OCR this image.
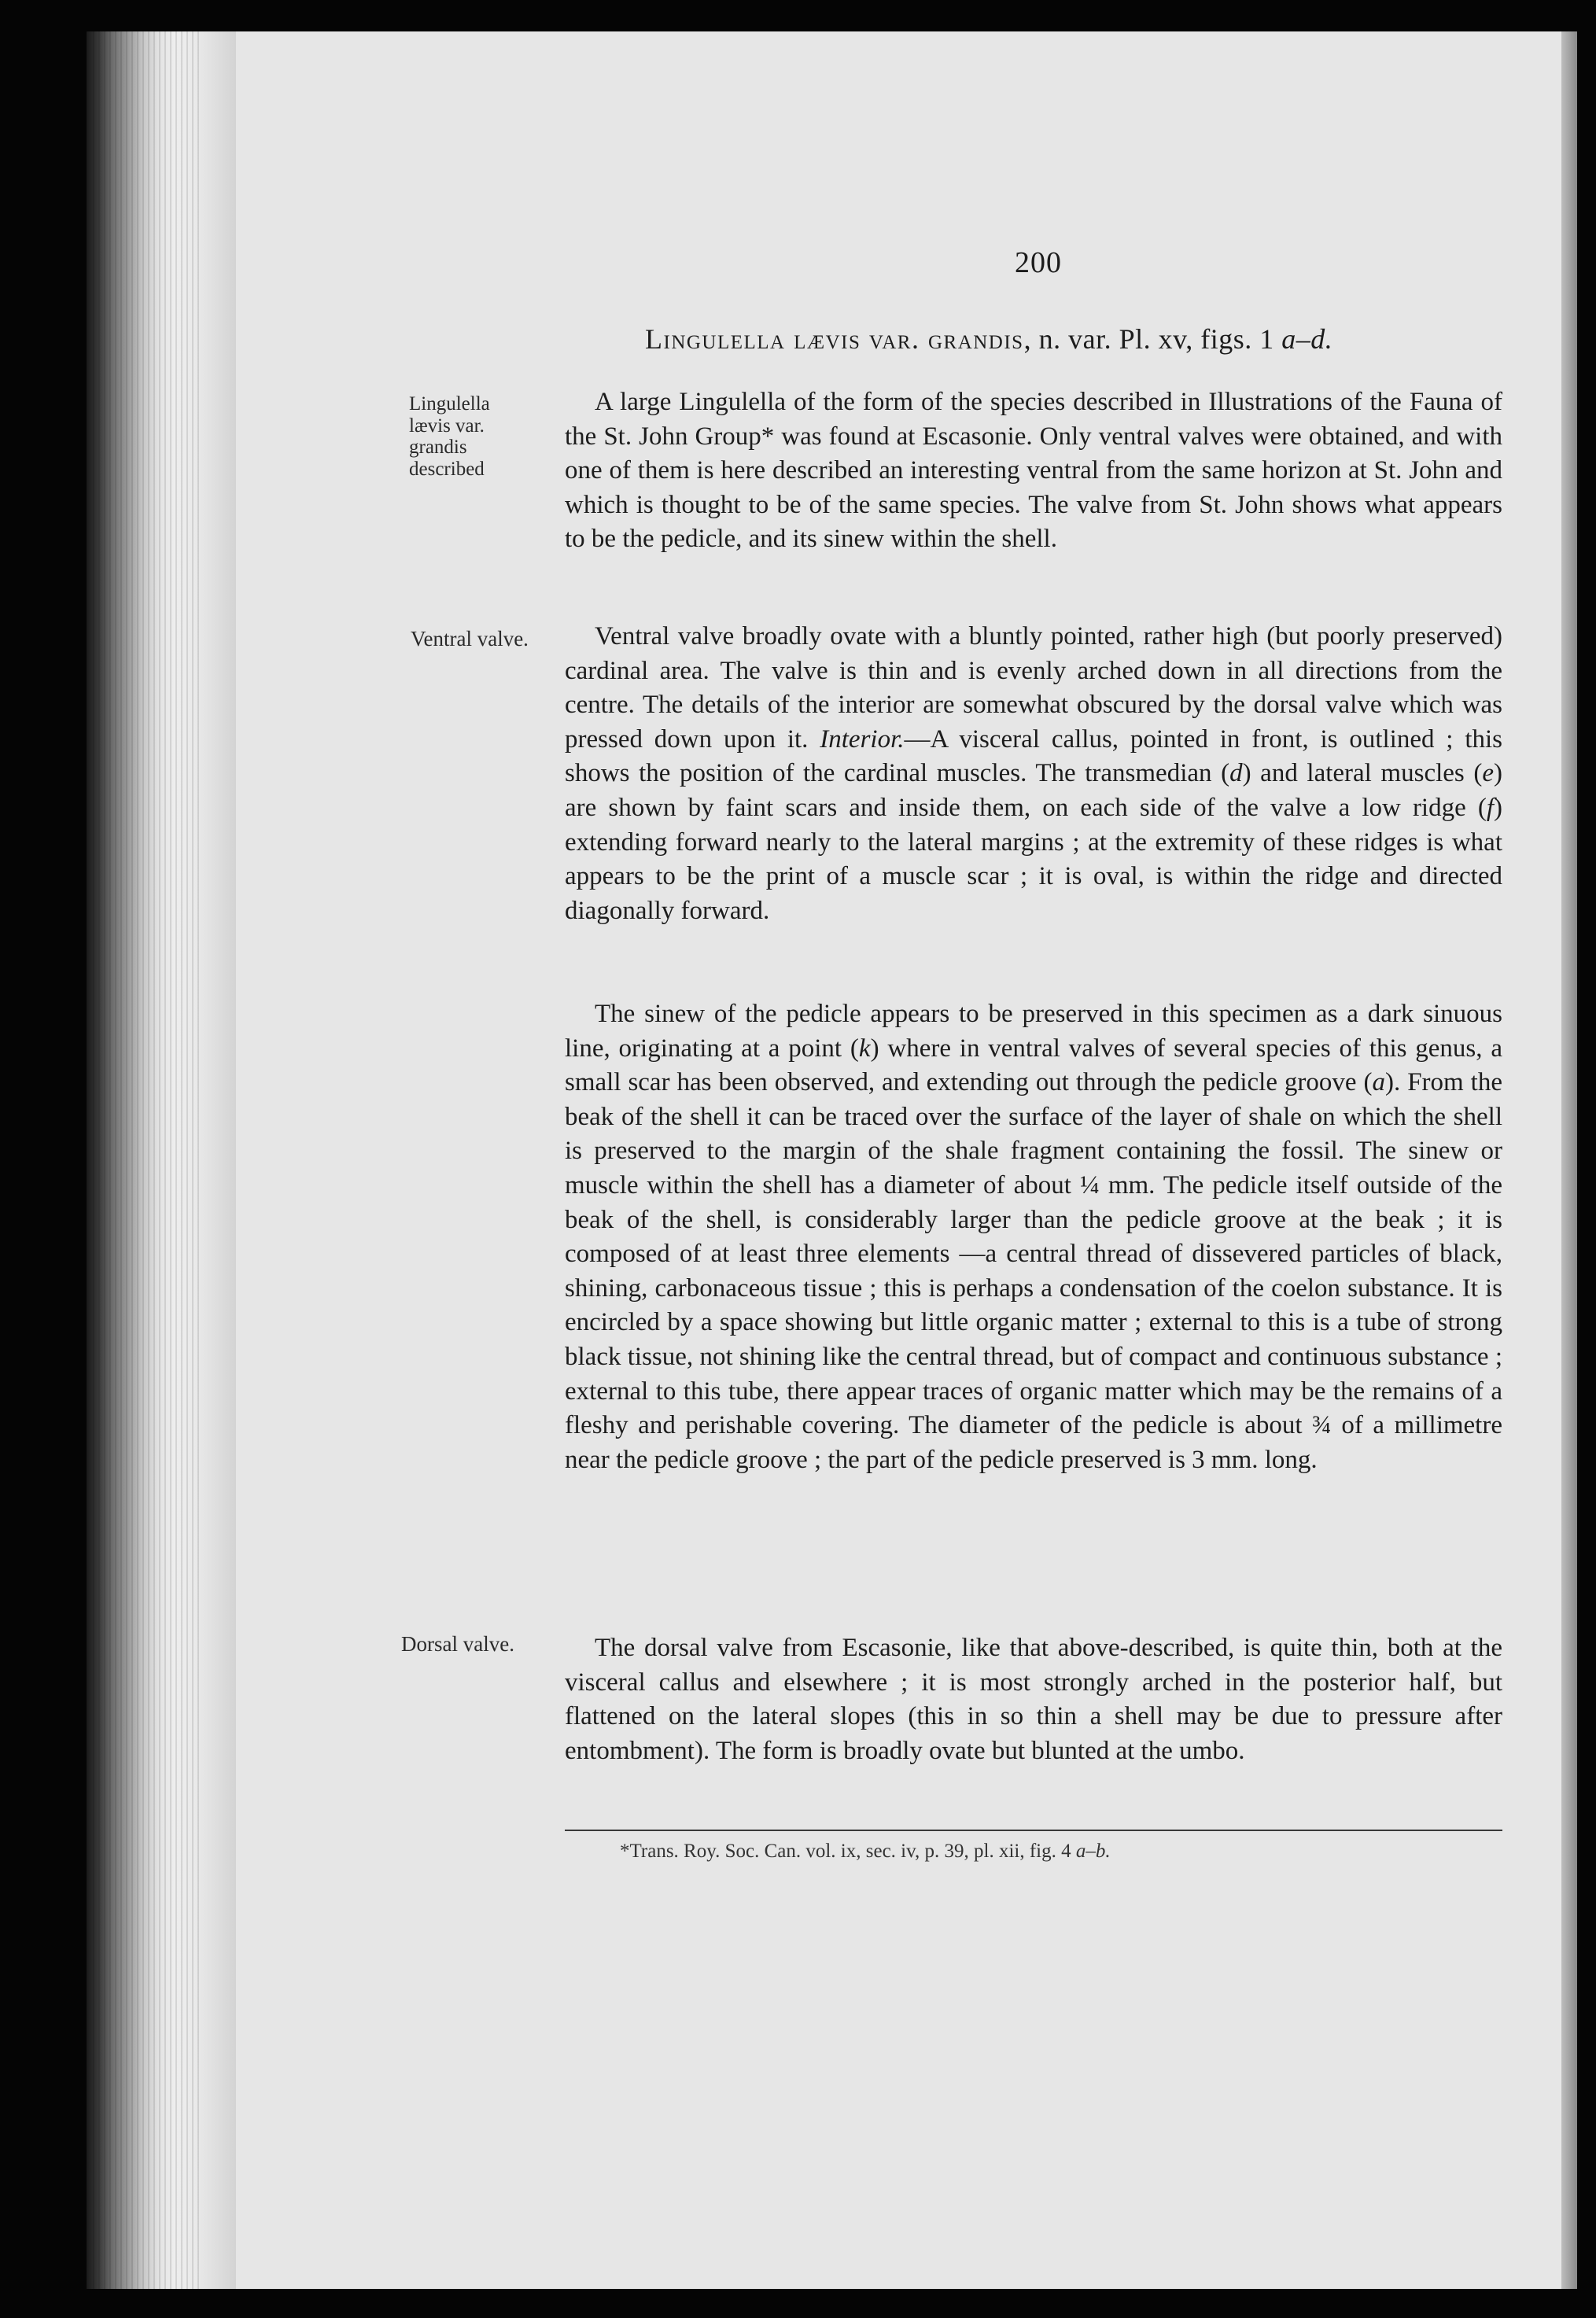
200
Lingulella lævis var. grandis, n. var. Pl. xv, figs. 1 a–d.

Lingulella lævis var. grandis described

Ventral valve.

Dorsal valve.

A large Lingulella of the form of the species described in Illustrations of the Fauna of the St. John Group* was found at Escasonie. Only ventral valves were obtained, and with one of them is here described an interesting ventral from the same horizon at St. John and which is thought to be of the same species. The valve from St. John shows what appears to be the pedicle, and its sinew within the shell.

Ventral valve broadly ovate with a bluntly pointed, rather high (but poorly preserved) cardinal area. The valve is thin and is evenly arched down in all directions from the centre. The details of the interior are somewhat obscured by the dorsal valve which was pressed down upon it. Interior.—A visceral callus, pointed in front, is outlined ; this shows the position of the cardinal muscles. The transmedian (d) and lateral muscles (e) are shown by faint scars and inside them, on each side of the valve a low ridge (f) extending forward nearly to the lateral margins ; at the extremity of these ridges is what appears to be the print of a muscle scar ; it is oval, is within the ridge and directed diagonally forward.

The sinew of the pedicle appears to be preserved in this specimen as a dark sinuous line, originating at a point (k) where in ventral valves of several species of this genus, a small scar has been observed, and extending out through the pedicle groove (a). From the beak of the shell it can be traced over the surface of the layer of shale on which the shell is preserved to the margin of the shale fragment containing the fossil. The sinew or muscle within the shell has a diameter of about ¼ mm. The pedicle itself outside of the beak of the shell, is considerably larger than the pedicle groove at the beak ; it is composed of at least three elements —a central thread of dissevered particles of black, shining, carbonaceous tissue ; this is perhaps a condensation of the coelon substance. It is encircled by a space showing but little organic matter ; external to this is a tube of strong black tissue, not shining like the central thread, but of compact and continuous substance ; external to this tube, there appear traces of organic matter which may be the remains of a fleshy and perishable covering. The diameter of the pedicle is about ¾ of a millimetre near the pedicle groove ; the part of the pedicle preserved is 3 mm. long.

The dorsal valve from Escasonie, like that above-described, is quite thin, both at the visceral callus and elsewhere ; it is most strongly arched in the posterior half, but flattened on the lateral slopes (this in so thin a shell may be due to pressure after entombment). The form is broadly ovate but blunted at the umbo.

*Trans. Roy. Soc. Can. vol. ix, sec. iv, p. 39, pl. xii, fig. 4 a–b.
